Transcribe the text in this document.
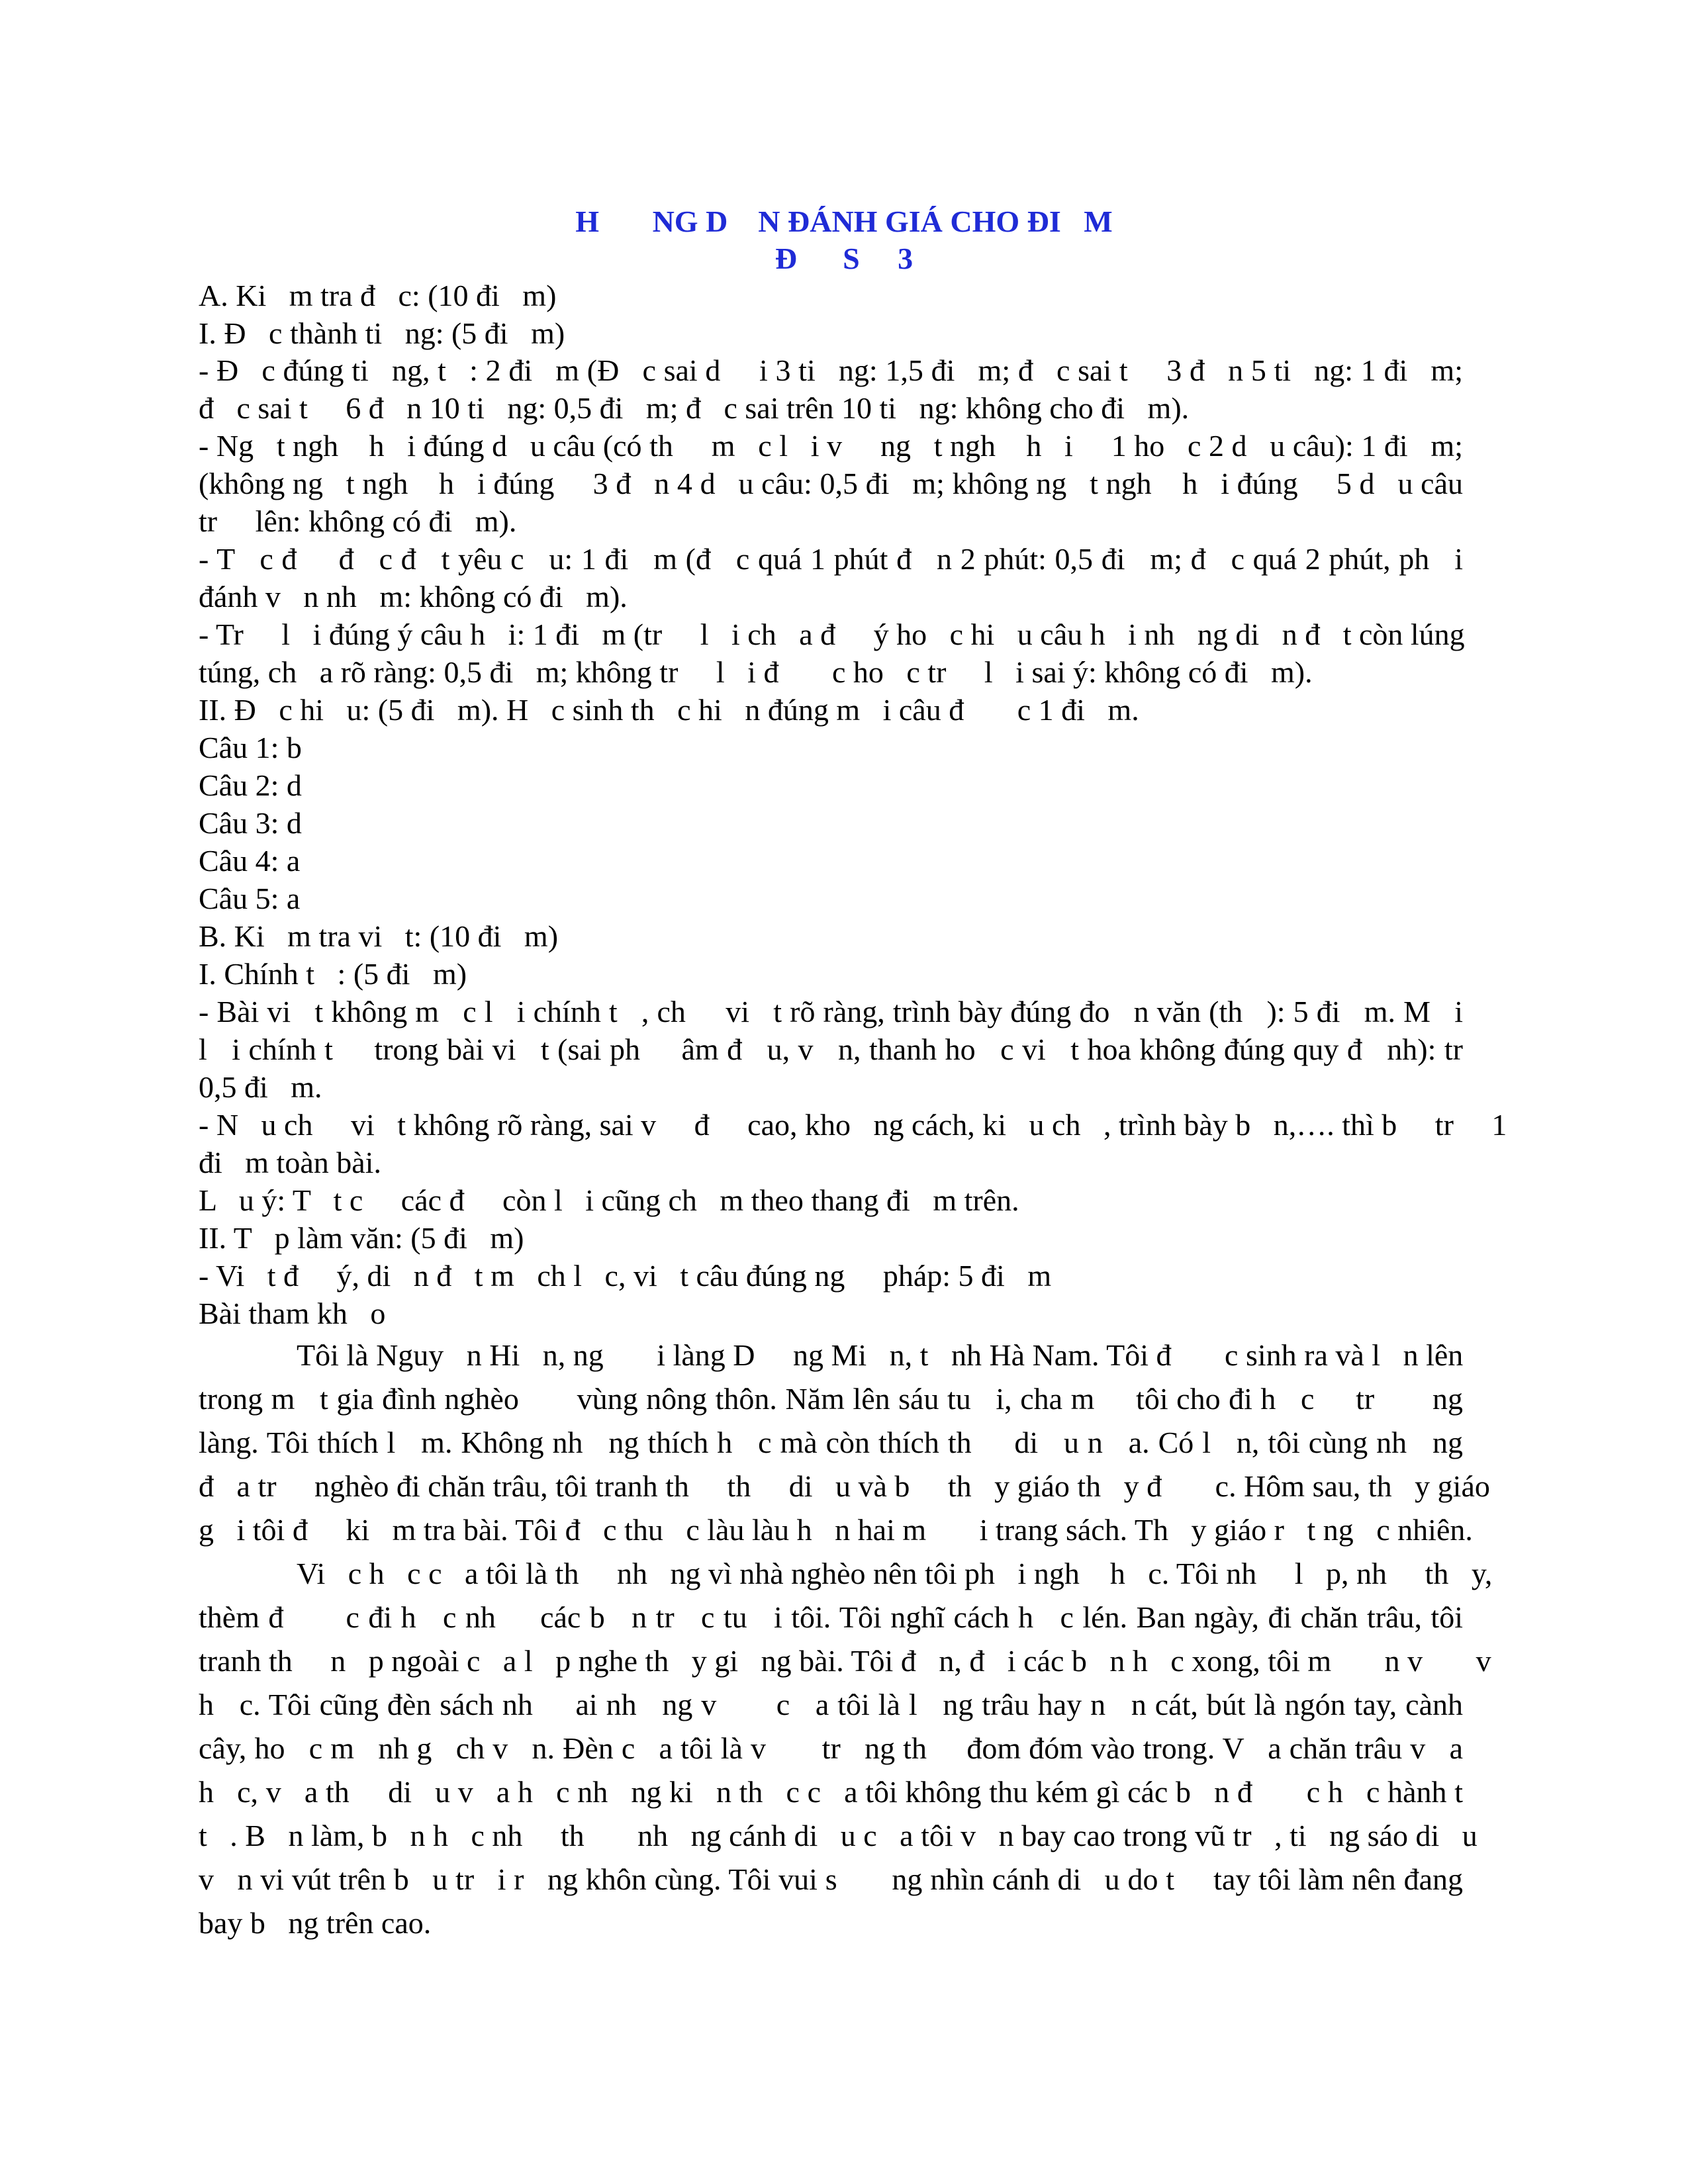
H       NG D    N ĐÁNH GIÁ CHO ĐI   M
Đ      S     3
A. Ki   m tra đ   c: (10 đi   m)
I. Đ   c thành ti   ng: (5 đi   m)
- Đ   c đúng ti   ng, t   : 2 đi   m (Đ   c sai d     i 3 ti   ng: 1,5 đi   m; đ   c sai t     3 đ   n 5 ti   ng: 1 đi   m;
đ   c sai t     6 đ   n 10 ti   ng: 0,5 đi   m; đ   c sai trên 10 ti   ng: không cho đi   m).
- Ng   t ngh    h   i đúng d   u câu (có th     m   c l   i v     ng   t ngh    h   i     1 ho   c 2 d   u câu): 1 đi   m;
(không ng   t ngh    h   i đúng     3 đ   n 4 d   u câu: 0,5 đi   m; không ng   t ngh    h   i đúng     5 d   u câu
tr     lên: không có đi   m).
- T   c đ     đ   c đ   t yêu c   u: 1 đi   m (đ   c quá 1 phút đ   n 2 phút: 0,5 đi   m; đ   c quá 2 phút, ph   i
đánh v   n nh   m: không có đi   m).
- Tr     l   i đúng ý câu h   i: 1 đi   m (tr     l   i ch   a đ     ý ho   c hi   u câu h   i nh   ng di   n đ   t còn lúng
túng, ch   a rõ ràng: 0,5 đi   m; không tr     l   i đ       c ho   c tr     l   i sai ý: không có đi   m).
II. Đ   c hi   u: (5 đi   m). H   c sinh th   c hi   n đúng m   i câu đ       c 1 đi   m.
Câu 1: b
Câu 2: d
Câu 3: d
Câu 4: a
Câu 5: a
B. Ki   m tra vi   t: (10 đi   m)
I. Chính t   : (5 đi   m)
- Bài vi   t không m   c l   i chính t   , ch     vi   t rõ ràng, trình bày đúng đo   n văn (th   ): 5 đi   m. M   i
l   i chính t     trong bài vi   t (sai ph     âm đ   u, v   n, thanh ho   c vi   t hoa không đúng quy đ   nh): tr
0,5 đi   m.
- N   u ch     vi   t không rõ ràng, sai v     đ     cao, kho   ng cách, ki   u ch   , trình bày b   n,…. thì b     tr     1
đi   m toàn bài.
L   u ý: T   t c     các đ     còn l   i cũng ch   m theo thang đi   m trên.
II. T   p làm văn: (5 đi   m)
- Vi   t đ     ý, di   n đ   t m   ch l   c, vi   t câu đúng ng     pháp: 5 đi   m
Bài tham kh   o
Tôi là Nguy   n Hi   n, ng       i làng D     ng Mi   n, t   nh Hà Nam. Tôi đ       c sinh ra và l   n lên
trong m   t gia đình nghèo       vùng nông thôn. Năm lên sáu tu   i, cha m     tôi cho đi h   c     tr       ng
làng. Tôi thích l   m. Không nh   ng thích h   c mà còn thích th     di   u n   a. Có l   n, tôi cùng nh   ng
đ   a tr     nghèo đi chăn trâu, tôi tranh th     th     di   u và b     th   y giáo th   y đ       c. Hôm sau, th   y giáo
g   i tôi đ     ki   m tra bài. Tôi đ   c thu   c làu làu h   n hai m       i trang sách. Th   y giáo r   t ng   c nhiên.
Vi   c h   c c   a tôi là th     nh   ng vì nhà nghèo nên tôi ph   i ngh    h   c. Tôi nh     l   p, nh     th   y,
thèm đ       c đi h   c nh     các b   n tr   c tu   i tôi. Tôi nghĩ cách h   c lén. Ban ngày, đi chăn trâu, tôi
tranh th     n   p ngoài c   a l   p nghe th   y gi   ng bài. Tôi đ   n, đ   i các b   n h   c xong, tôi m       n v       v
h   c. Tôi cũng đèn sách nh     ai nh   ng v       c   a tôi là l   ng trâu hay n   n cát, bút là ngón tay, cành
cây, ho   c m   nh g   ch v   n. Đèn c   a tôi là v       tr   ng th     đom đóm vào trong. V   a chăn trâu v   a
h   c, v   a th     di   u v   a h   c nh   ng ki   n th   c c   a tôi không thu kém gì các b   n đ       c h   c hành t
t   . B   n làm, b   n h   c nh     th       nh   ng cánh di   u c   a tôi v   n bay cao trong vũ tr   , ti   ng sáo di   u
v   n vi vút trên b   u tr   i r   ng khôn cùng. Tôi vui s       ng nhìn cánh di   u do t     tay tôi làm nên đang
bay b   ng trên cao.
